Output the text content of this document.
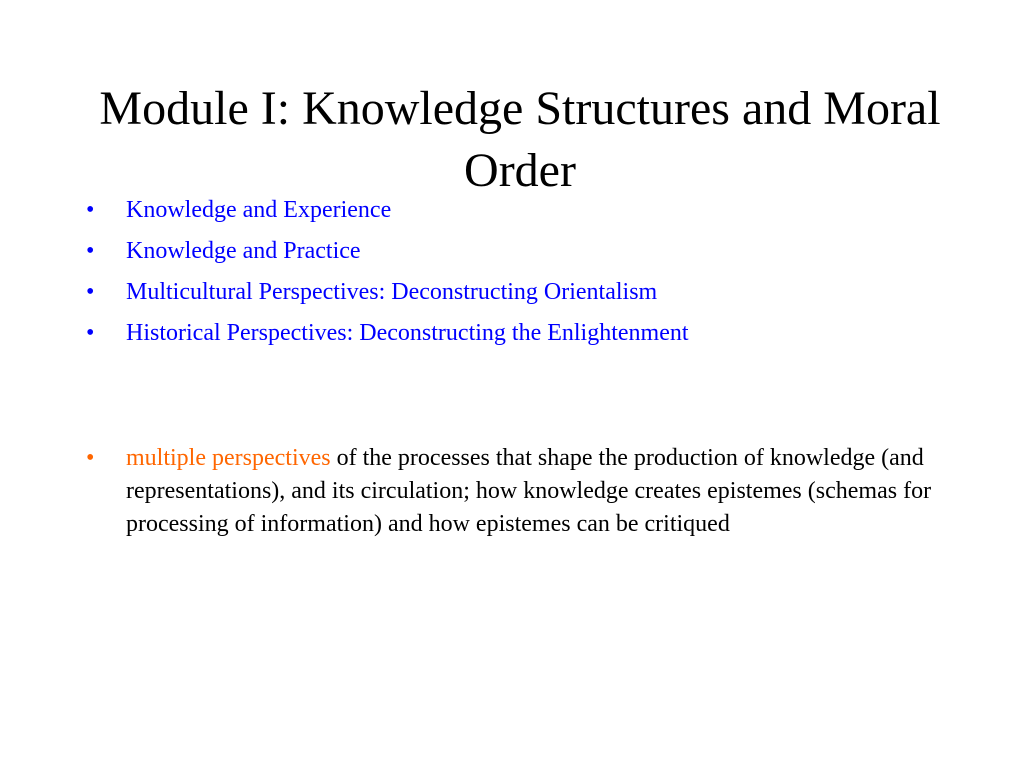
Module I: Knowledge Structures and Moral Order
•	Knowledge and Experience
•	Knowledge and Practice
•	Multicultural Perspectives: Deconstructing Orientalism
•	Historical Perspectives: Deconstructing the Enlightenment
•	multiple perspectives of the processes that shape the production of knowledge (and representations), and its circulation; how knowledge creates epistemes (schemas for processing of information) and how epistemes can be critiqued
